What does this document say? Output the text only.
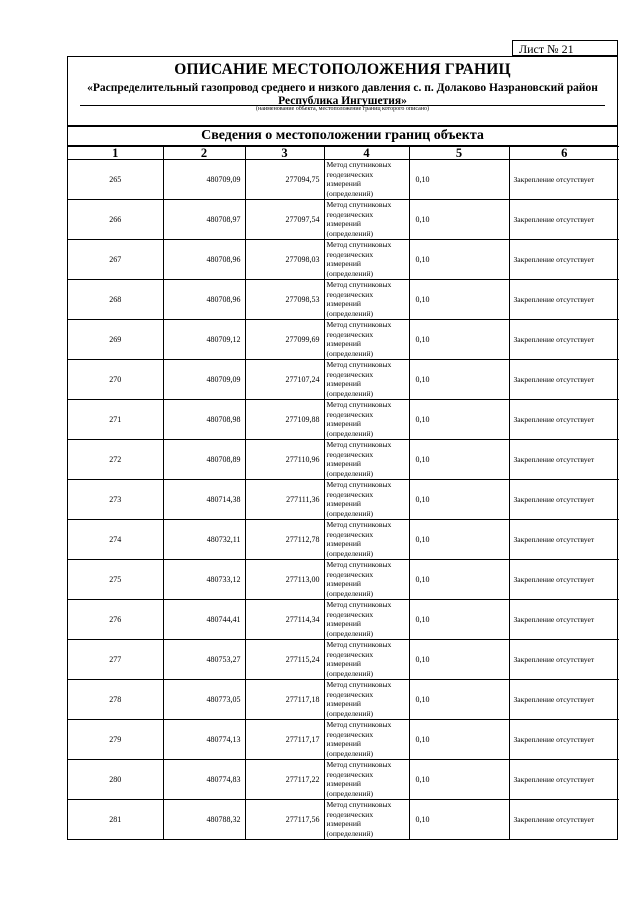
Лист № 21
ОПИСАНИЕ МЕСТОПОЛОЖЕНИЯ ГРАНИЦ
«Распределительный газопровод среднего и низкого давления с. п. Долаково Назрановский район Республика Ингушетия»
(наименование объекта, местоположение границ которого описано)
Сведения о местоположении границ объекта
1	2	3	4	5	6
265	480709,09	277094,75	Метод спутниковых геодезических измерений (определений)	0,10	Закрепление отсутствует
266	480708,97	277097,54	Метод спутниковых геодезических измерений (определений)	0,10	Закрепление отсутствует
267	480708,96	277098,03	Метод спутниковых геодезических измерений (определений)	0,10	Закрепление отсутствует
268	480708,96	277098,53	Метод спутниковых геодезических измерений (определений)	0,10	Закрепление отсутствует
269	480709,12	277099,69	Метод спутниковых геодезических измерений (определений)	0,10	Закрепление отсутствует
270	480709,09	277107,24	Метод спутниковых геодезических измерений (определений)	0,10	Закрепление отсутствует
271	480708,98	277109,88	Метод спутниковых геодезических измерений (определений)	0,10	Закрепление отсутствует
272	480708,89	277110,96	Метод спутниковых геодезических измерений (определений)	0,10	Закрепление отсутствует
273	480714,38	277111,36	Метод спутниковых геодезических измерений (определений)	0,10	Закрепление отсутствует
274	480732,11	277112,78	Метод спутниковых геодезических измерений (определений)	0,10	Закрепление отсутствует
275	480733,12	277113,00	Метод спутниковых геодезических измерений (определений)	0,10	Закрепление отсутствует
276	480744,41	277114,34	Метод спутниковых геодезических измерений (определений)	0,10	Закрепление отсутствует
277	480753,27	277115,24	Метод спутниковых геодезических измерений (определений)	0,10	Закрепление отсутствует
278	480773,05	277117,18	Метод спутниковых геодезических измерений (определений)	0,10	Закрепление отсутствует
279	480774,13	277117,17	Метод спутниковых геодезических измерений (определений)	0,10	Закрепление отсутствует
280	480774,83	277117,22	Метод спутниковых геодезических измерений (определений)	0,10	Закрепление отсутствует
281	480788,32	277117,56	Метод спутниковых геодезических измерений (определений)	0,10	Закрепление отсутствует
